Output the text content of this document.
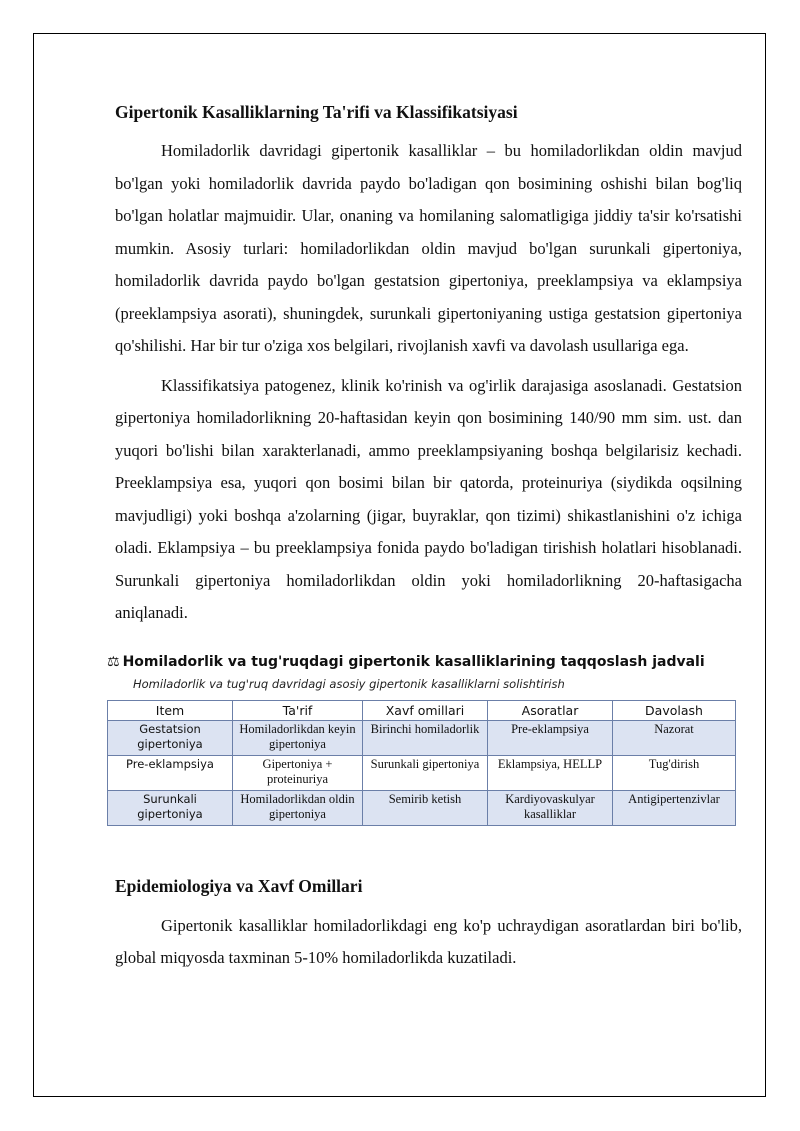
Gipertonik Kasalliklarning Ta'rifi va Klassifikatsiyasi

Homiladorlik davridagi gipertonik kasalliklar – bu homiladorlikdan oldin mavjud bo'lgan yoki homiladorlik davrida paydo bo'ladigan qon bosimining oshishi bilan bog'liq bo'lgan holatlar majmuidir. Ular, onaning va homilaning salomatligiga jiddiy ta'sir ko'rsatishi mumkin. Asosiy turlari: homiladorlikdan oldin mavjud bo'lgan surunkali gipertoniya, homiladorlik davrida paydo bo'lgan gestatsion gipertoniya, preeklampsiya va eklampsiya (preeklampsiya asorati), shuningdek, surunkali gipertoniyaning ustiga gestatsion gipertoniya qo'shilishi. Har bir tur o'ziga xos belgilari, rivojlanish xavfi va davolash usullariga ega.

Klassifikatsiya patogenez, klinik ko'rinish va og'irlik darajasiga asoslanadi. Gestatsion gipertoniya homiladorlikning 20-haftasidan keyin qon bosimining 140/90 mm sim. ust. dan yuqori bo'lishi bilan xarakterlanadi, ammo preeklampsiyaning boshqa belgilarisiz kechadi. Preeklampsiya esa, yuqori qon bosimi bilan bir qatorda, proteinuriya (siydikda oqsilning mavjudligi) yoki boshqa a'zolarning (jigar, buyraklar, qon tizimi) shikastlanishini o'z ichiga oladi. Eklampsiya – bu preeklampsiya fonida paydo bo'ladigan tirishish holatlari hisoblanadi. Surunkali gipertoniya homiladorlikdan oldin yoki homiladorlikning 20-haftasigacha aniqlanadi.

⚖ Homiladorlik va tug'ruqdagi gipertonik kasalliklarining taqqoslash jadvali
Homiladorlik va tug'ruq davridagi asosiy gipertonik kasalliklarni solishtirish
Item	Ta'rif	Xavf omillari	Asoratlar	Davolash
Gestatsion gipertoniya	Homiladorlikdan keyin gipertoniya	Birinchi homiladorlik	Pre-eklampsiya	Nazorat
Pre-eklampsiya	Gipertoniya + proteinuriya	Surunkali gipertoniya	Eklampsiya, HELLP	Tug'dirish
Surunkali gipertoniya	Homiladorlikdan oldin gipertoniya	Semirib ketish	Kardiyovaskulyar kasalliklar	Antigipertenzivlar
Epidemiologiya va Xavf Omillari

Gipertonik kasalliklar homiladorlikdagi eng ko'p uchraydigan asoratlardan biri bo'lib, global miqyosda taxminan 5-10% homiladorlikda kuzatiladi.
